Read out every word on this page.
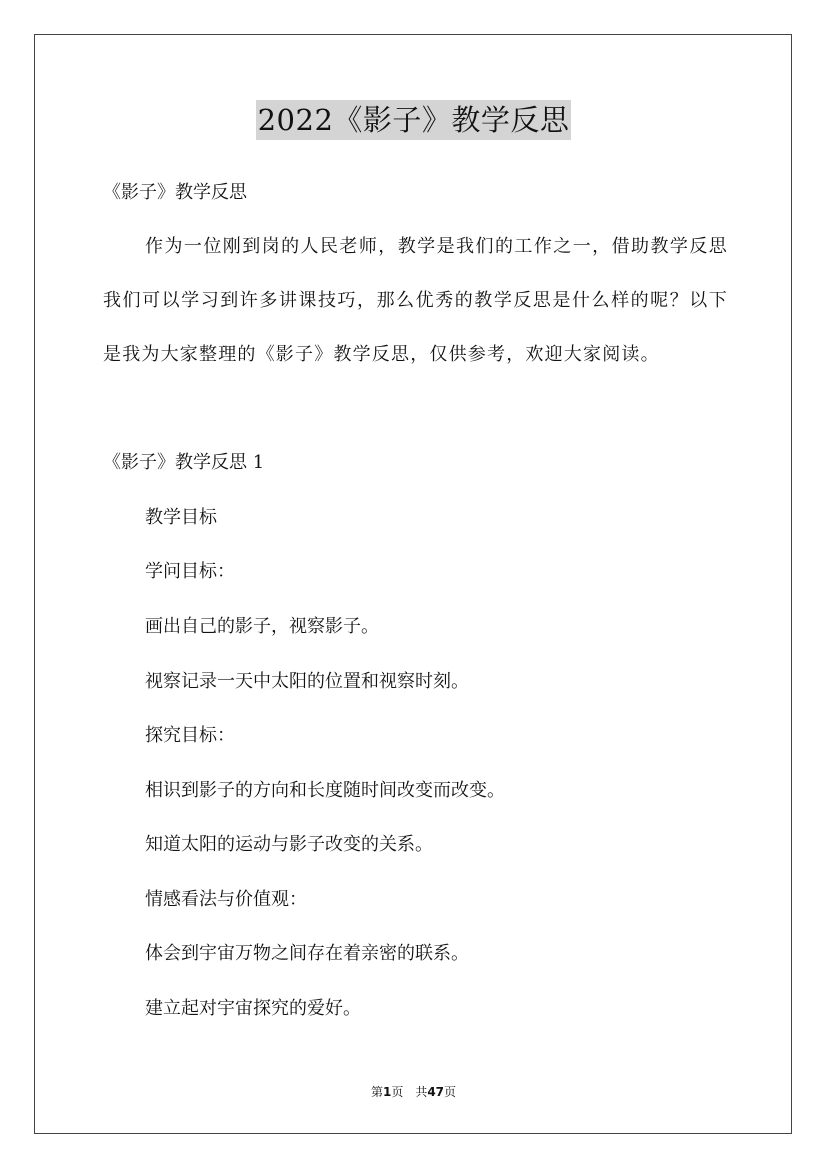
2022《影子》教学反思
《影子》教学反思
作为一位刚到岗的人民老师，教学是我们的工作之一，借助教学反思我们可以学习到许多讲课技巧，那么优秀的教学反思是什么样的呢？以下是我为大家整理的《影子》教学反思，仅供参考，欢迎大家阅读。
《影子》教学反思 1
教学目标
学问目标：
画出自己的影子，视察影子。
视察记录一天中太阳的位置和视察时刻。
探究目标：
相识到影子的方向和长度随时间改变而改变。
知道太阳的运动与影子改变的关系。
情感看法与价值观：
体会到宇宙万物之间存在着亲密的联系。
建立起对宇宙探究的爱好。
第1页　共47页
